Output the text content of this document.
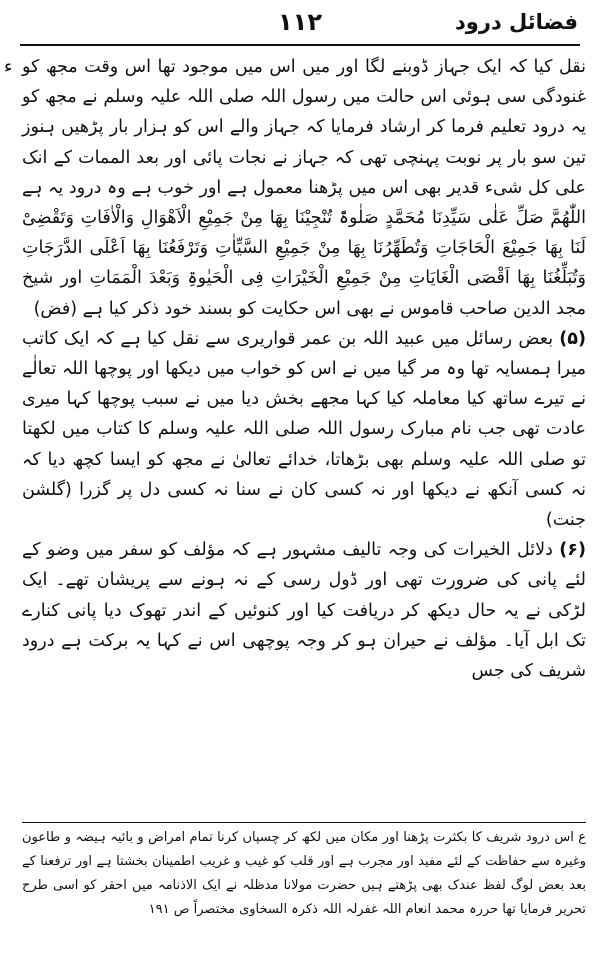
١١٢	فضائل درود
ء نقل کیا کہ ایک جہاز ڈوبنے لگا اور میں اس میں موجود تھا اس وقت مجھ کو غنودگی سی ہوئی اس حالت میں رسول اللہ صلی اللہ علیہ وسلم نے مجھ کو یہ درود تعلیم فرما کر ارشاد فرمایا کہ جہاز والے اس کو ہزار بار پڑھیں ہنوز تین سو بار پر نوبت پہنچی تھی کہ جہاز نے نجات پائی اور بعد الممات کے انک علی کل شیء قدیر بھی اس میں پڑھنا معمول ہے اور خوب ہے وہ درود یہ ہے اللّٰھُمَّ صَلِّ عَلٰی سَیِّدِنَا مُحَمَّدٍ صَلٰوۃً تُنْجِیْنَا بِھَا مِنْ جَمِیْعِ الْاَھْوَالِ وَالْاٰفَاتِ وَتَقْضِیْ لَنَا بِھَا جَمِیْعَ الْحَاجَاتِ وَتُطَھِّرُنَا بِھَا مِنْ جَمِیْعِ السَّیِّاٰتِ وَتَرْفَعُنَا بِھَا اَعْلَی الدَّرَجَاتِ وَتُبَلِّغُنَا بِھَا اَقْصَی الْغَایَاتِ مِنْ جَمِیْعِ الْخَیْرَاتِ فِی الْحَیٰوۃِ وَبَعْدَ الْمَمَاتِ اور شیخ مجد الدین صاحب قاموس نے بھی اس حکایت کو بسند خود ذکر کیا ہے (فض)

(۵) بعض رسائل میں عبید اللہ بن عمر قواریری سے نقل کیا ہے کہ ایک کاتب میرا ہمسایہ تھا وہ مر گیا میں نے اس کو خواب میں دیکھا اور پوچھا اللہ تعالٰے نے تیرے ساتھ کیا معاملہ کیا کہا مجھے بخش دیا میں نے سبب پوچھا کہا میری عادت تھی جب نام مبارک رسول اللہ صلی اللہ علیہ وسلم کا کتاب میں لکھتا تو صلی اللہ علیہ وسلم بھی بڑھاتا، خدائے تعالیٰ نے مجھ کو ایسا کچھ دیا کہ نہ کسی آنکھ نے دیکھا اور نہ کسی کان نے سنا نہ کسی دل پر گزرا (گلشن جنت)

(۶) دلائل الخیرات کی وجہ تالیف مشہور ہے کہ مؤلف کو سفر میں وضو کے لئے پانی کی ضرورت تھی اور ڈول رسی کے نہ ہونے سے پریشان تھے۔ ایک لڑکی نے یہ حال دیکھ کر دریافت کیا اور کنوئیں کے اندر تھوک دیا پانی کنارے تک ابل آیا۔ مؤلف نے حیران ہو کر وجہ پوچھی اس نے کہا یہ برکت ہے درود شریف کی جس

ع اس درود شریف کا بکثرت پڑھنا اور مکان میں لکھ کر چسپاں کرنا تمام امراض و بائیہ ہیضہ و طاعون وغیرہ سے حفاظت کے لئے مفید اور مجرب ہے اور قلب کو غیب و غریب اطمینان بخشتا ہے اور ترفعنا کے بعد بعض لوگ لفظ عندک بھی پڑھتے ہیں حضرت مولانا مدظلہ نے ایک الاذنامہ میں احقر کو اسی طرح تحریر فرمایا تھا حررہ محمد انعام اللہ غفرلہ اللہ ذکرہ السخاوی مختصراً ص ۱۹۱
